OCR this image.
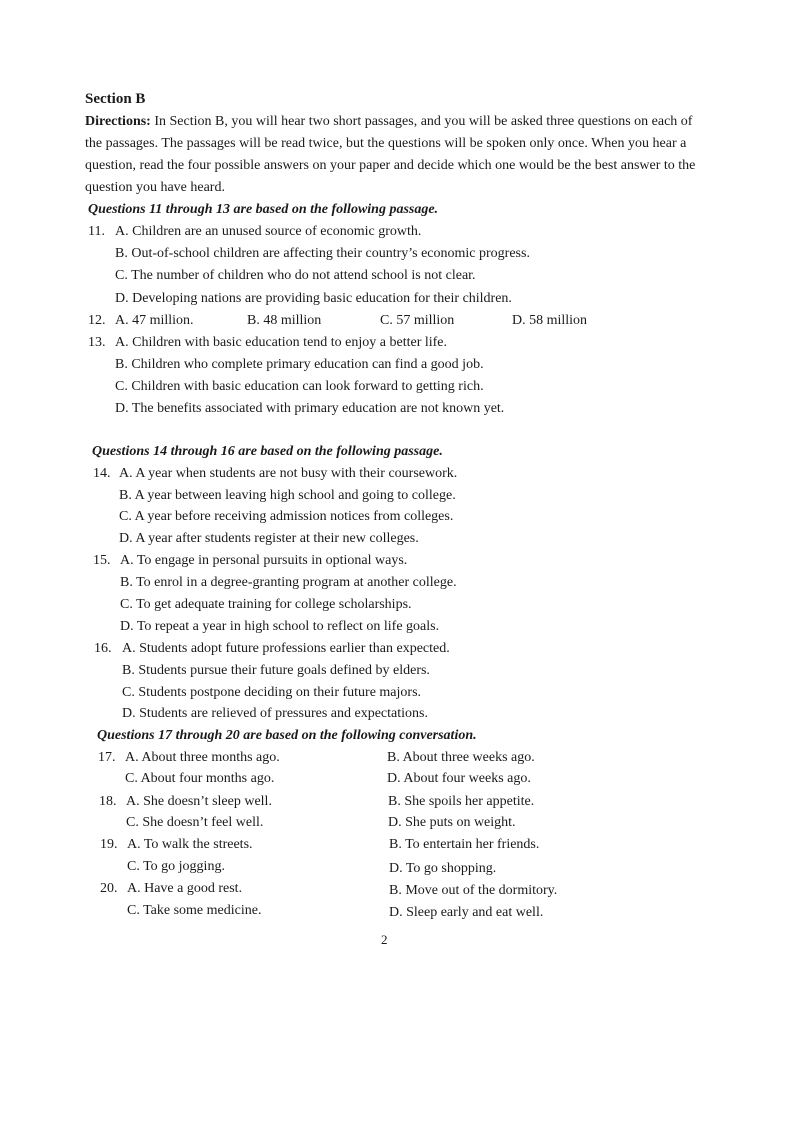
Section B
Directions: In Section B, you will hear two short passages, and you will be asked three questions on each of
the passages. The passages will be read twice, but the questions will be spoken only once. When you hear a
question, read the four possible answers on your paper and decide which one would be the best answer to the
question you have heard.
Questions 11 through 13 are based on the following passage.
11. A. Children are an unused source of economic growth.
B. Out-of-school children are affecting their country’s economic progress.
C. The number of children who do not attend school is not clear.
D. Developing nations are providing basic education for their children.
12. A. 47 million.	B. 48 million	C. 57 million	D. 58 million
13. A. Children with basic education tend to enjoy a better life.
B. Children who complete primary education can find a good job.
C. Children with basic education can look forward to getting rich.
D. The benefits associated with primary education are not known yet.
Questions 14 through 16 are based on the following passage.
14. A. A year when students are not busy with their coursework.
B. A year between leaving high school and going to college.
C. A year before receiving admission notices from colleges.
D. A year after students register at their new colleges.
15. A. To engage in personal pursuits in optional ways.
B. To enrol in a degree-granting program at another college.
C. To get adequate training for college scholarships.
D. To repeat a year in high school to reflect on life goals.
16. A. Students adopt future professions earlier than expected.
B. Students pursue their future goals defined by elders.
C. Students postpone deciding on their future majors.
D. Students are relieved of pressures and expectations.
Questions 17 through 20 are based on the following conversation.
17. A. About three months ago.	B. About three weeks ago.
C. About four months ago.	D. About four weeks ago.
18. A. She doesn’t sleep well.	B. She spoils her appetite.
C. She doesn’t feel well.	D. She puts on weight.
19. A. To walk the streets.	B. To entertain her friends.
C. To go jogging.	D. To go shopping.
20. A. Have a good rest.	B. Move out of the dormitory.
C. Take some medicine.	D. Sleep early and eat well.
2
